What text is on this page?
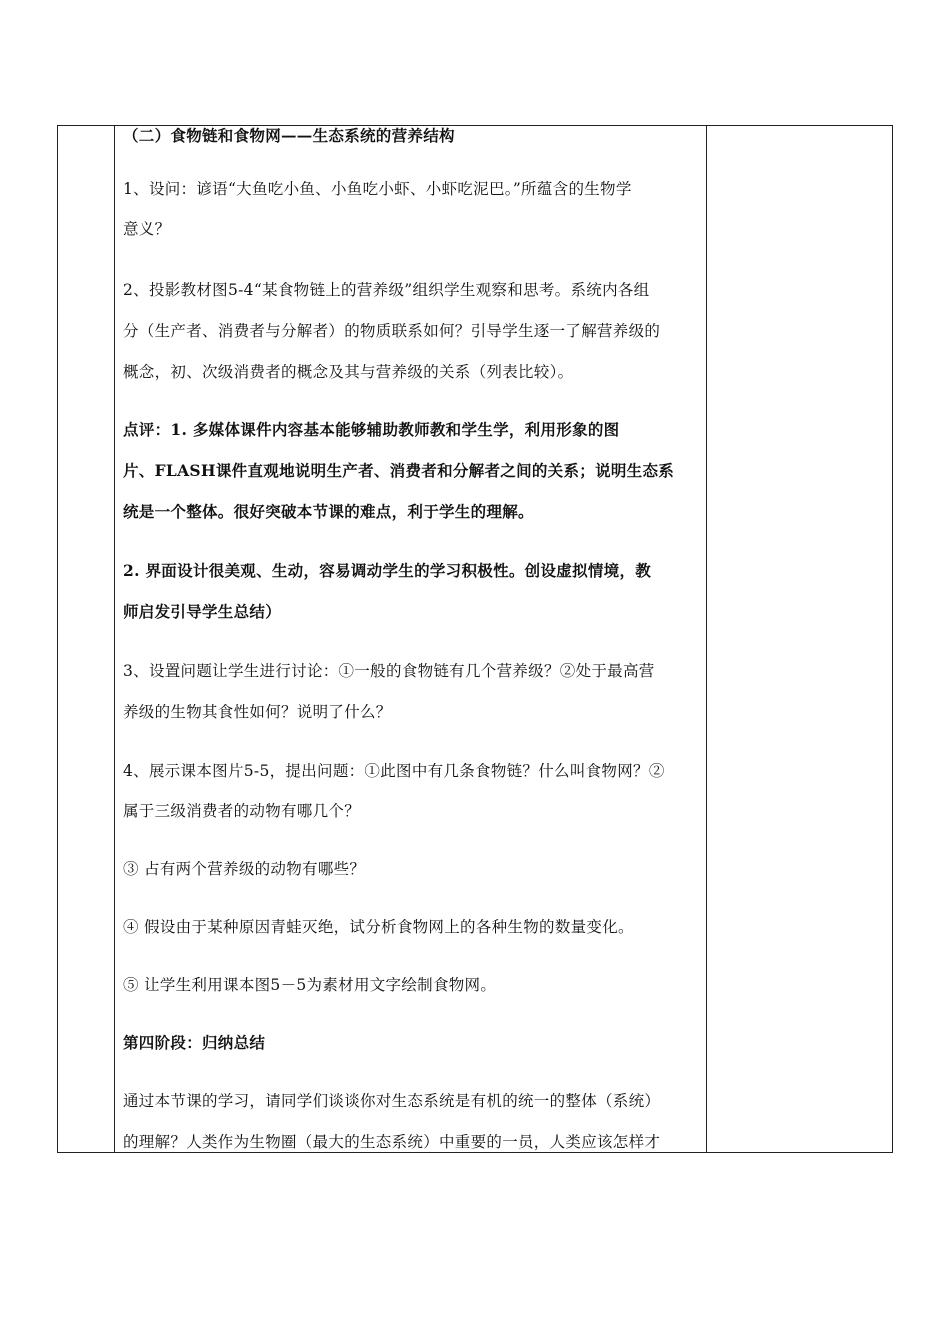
（二）食物链和食物网——生态系统的营养结构
1、设问：谚语“大鱼吃小鱼、小鱼吃小虾、小虾吃泥巴。”所蕴含的生物学
意义？
2、投影教材图5-4“某食物链上的营养级”组织学生观察和思考。系统内各组
分（生产者、消费者与分解者）的物质联系如何？引导学生逐一了解营养级的
概念，初、次级消费者的概念及其与营养级的关系（列表比较）。
点评：1. 多媒体课件内容基本能够辅助教师教和学生学，利用形象的图
片、FLASH课件直观地说明生产者、消费者和分解者之间的关系；说明生态系
统是一个整体。很好突破本节课的难点，利于学生的理解。
2. 界面设计很美观、生动，容易调动学生的学习积极性。创设虚拟情境，教
师启发引导学生总结）
3、设置问题让学生进行讨论：①一般的食物链有几个营养级？②处于最高营
养级的生物其食性如何？说明了什么？
4、展示课本图片5-5，提出问题：①此图中有几条食物链？什么叫食物网？②
属于三级消费者的动物有哪几个？
③ 占有两个营养级的动物有哪些？
④ 假设由于某种原因青蛙灭绝，试分析食物网上的各种生物的数量变化。
⑤ 让学生利用课本图5－5为素材用文字绘制食物网。
第四阶段：归纳总结
通过本节课的学习，请同学们谈谈你对生态系统是有机的统一的整体（系统）
的理解？人类作为生物圈（最大的生态系统）中重要的一员，人类应该怎样才
